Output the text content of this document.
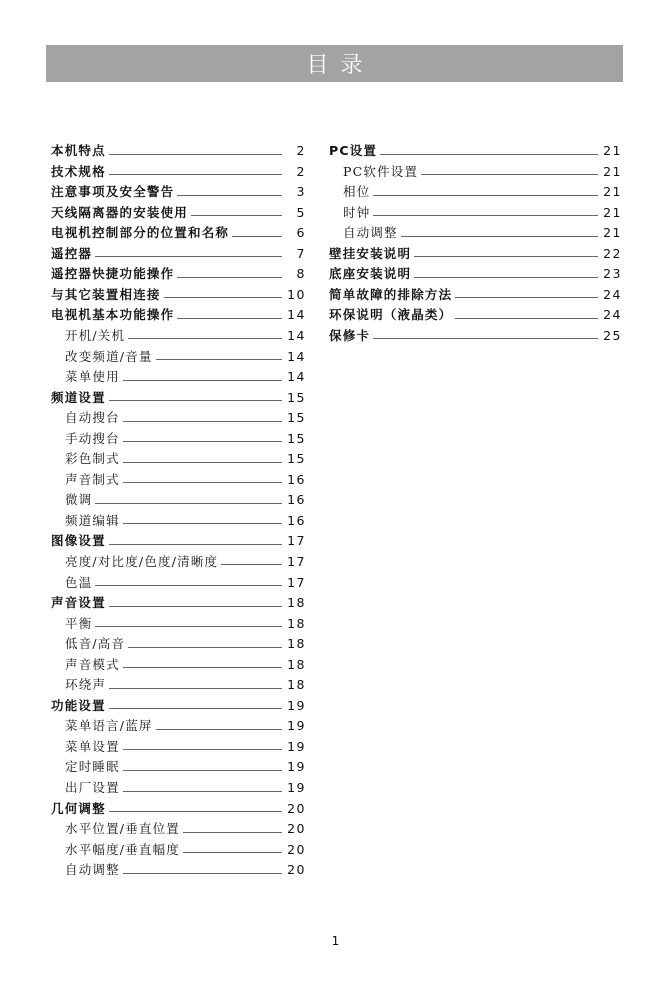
目录
本机特点	2
技术规格	2
注意事项及安全警告	3
天线隔离器的安装使用	5
电视机控制部分的位置和名称	6
遥控器	7
遥控器快捷功能操作	8
与其它装置相连接	10
电视机基本功能操作	14
开机/关机	14
改变频道/音量	14
菜单使用	14
频道设置	15
自动搜台	15
手动搜台	15
彩色制式	15
声音制式	16
微调	16
频道编辑	16
图像设置	17
亮度/对比度/色度/清晰度	17
色温	17
声音设置	18
平衡	18
低音/高音	18
声音模式	18
环绕声	18
功能设置	19
菜单语言/蓝屏	19
菜单设置	19
定时睡眠	19
出厂设置	19
几何调整	20
水平位置/垂直位置	20
水平幅度/垂直幅度	20
自动调整	20
PC设置	21
PC软件设置	21
相位	21
时钟	21
自动调整	21
壁挂安装说明	22
底座安装说明	23
简单故障的排除方法	24
环保说明（液晶类）	24
保修卡	25
1
